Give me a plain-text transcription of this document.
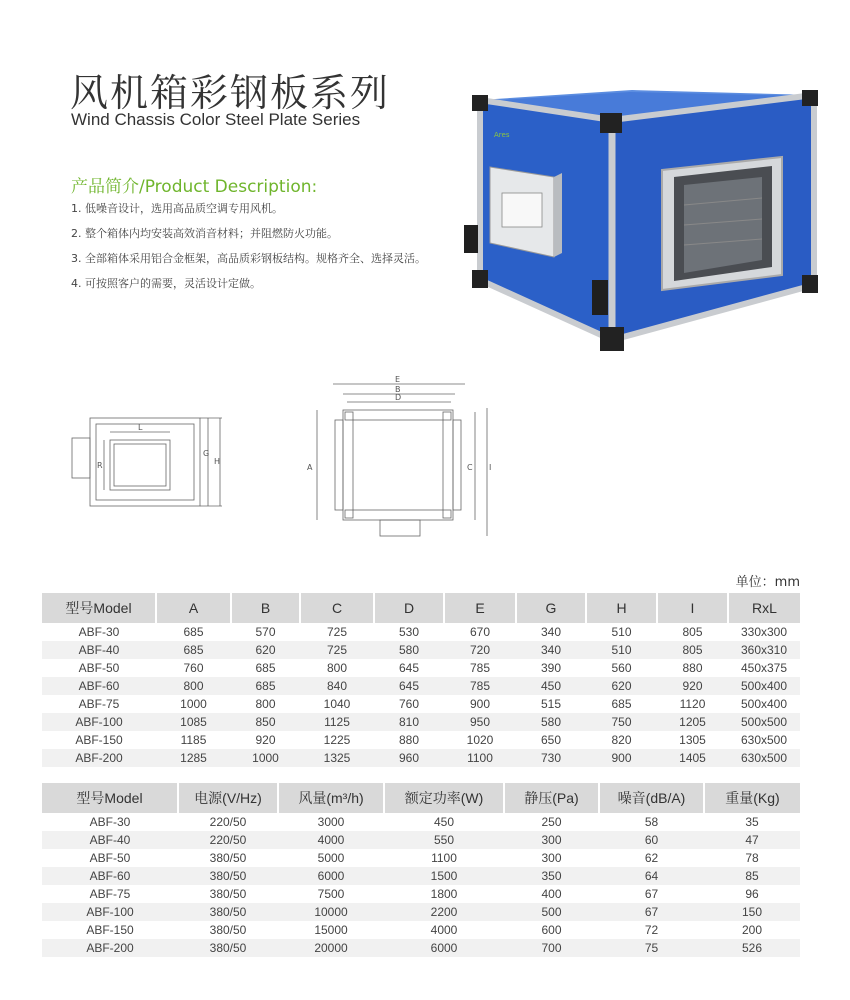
风机箱彩钢板系列
Wind Chassis Color Steel Plate Series
产品简介/Product Description:
1. 低噪音设计，选用高品质空调专用风机。
2. 整个箱体内均安装高效消音材料；并阻燃防火功能。
3. 全部箱体采用铝合金框架，高品质彩钢板结构。规格齐全、选择灵活。
4. 可按照客户的需要，灵活设计定做。
Ares
L
R
G
H
E
B
D
A	C I
单位：mm
型号Model	A	B	C	D	E	G	H	I	RxL
ABF-30	685	570	725	530	670	340	510	805	330x300
ABF-40	685	620	725	580	720	340	510	805	360x310
ABF-50	760	685	800	645	785	390	560	880	450x375
ABF-60	800	685	840	645	785	450	620	920	500x400
ABF-75	1000	800	1040	760	900	515	685	1120	500x400
ABF-100	1085	850	1125	810	950	580	750	1205	500x500
ABF-150	1185	920	1225	880	1020	650	820	1305	630x500
ABF-200	1285	1000	1325	960	1100	730	900	1405	630x500
型号Model	电源(V/Hz)	风量(m³/h)	额定功率(W)	静压(Pa)	噪音(dB/A)	重量(Kg)
ABF-30	220/50	3000	450	250	58	35
ABF-40	220/50	4000	550	300	60	47
ABF-50	380/50	5000	1100	300	62	78
ABF-60	380/50	6000	1500	350	64	85
ABF-75	380/50	7500	1800	400	67	96
ABF-100	380/50	10000	2200	500	67	150
ABF-150	380/50	15000	4000	600	72	200
ABF-200	380/50	20000	6000	700	75	526
